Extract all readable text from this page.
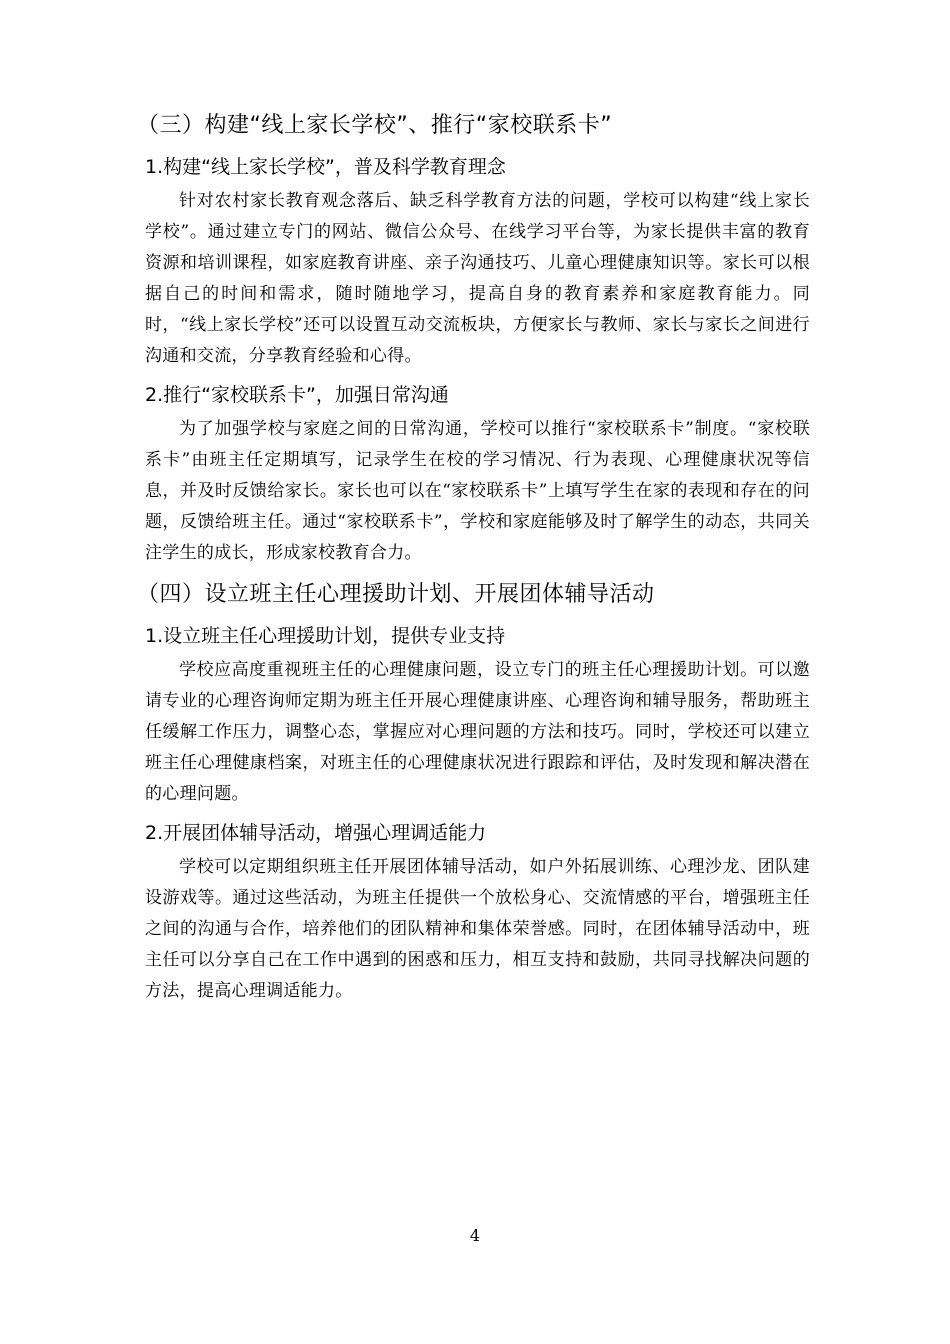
（三）构建“线上家长学校”、推行“家校联系卡”
1.构建“线上家长学校”，普及科学教育理念

针对农村家长教育观念落后、缺乏科学教育方法的问题，学校可以构建“线上家长学校”。通过建立专门的网站、微信公众号、在线学习平台等，为家长提供丰富的教育资源和培训课程，如家庭教育讲座、亲子沟通技巧、儿童心理健康知识等。家长可以根据自己的时间和需求，随时随地学习，提高自身的教育素养和家庭教育能力。同时，“线上家长学校”还可以设置互动交流板块，方便家长与教师、家长与家长之间进行沟通和交流，分享教育经验和心得。

2.推行“家校联系卡”，加强日常沟通

为了加强学校与家庭之间的日常沟通，学校可以推行“家校联系卡”制度。“家校联系卡”由班主任定期填写，记录学生在校的学习情况、行为表现、心理健康状况等信息，并及时反馈给家长。家长也可以在“家校联系卡”上填写学生在家的表现和存在的问题，反馈给班主任。通过“家校联系卡”，学校和家庭能够及时了解学生的动态，共同关注学生的成长，形成家校教育合力。

（四）设立班主任心理援助计划、开展团体辅导活动
1.设立班主任心理援助计划，提供专业支持

学校应高度重视班主任的心理健康问题，设立专门的班主任心理援助计划。可以邀请专业的心理咨询师定期为班主任开展心理健康讲座、心理咨询和辅导服务，帮助班主任缓解工作压力，调整心态，掌握应对心理问题的方法和技巧。同时，学校还可以建立班主任心理健康档案，对班主任的心理健康状况进行跟踪和评估，及时发现和解决潜在的心理问题。

2.开展团体辅导活动，增强心理调适能力

学校可以定期组织班主任开展团体辅导活动，如户外拓展训练、心理沙龙、团队建设游戏等。通过这些活动，为班主任提供一个放松身心、交流情感的平台，增强班主任之间的沟通与合作，培养他们的团队精神和集体荣誉感。同时，在团体辅导活动中，班主任可以分享自己在工作中遇到的困惑和压力，相互支持和鼓励，共同寻找解决问题的方法，提高心理调适能力。

4
